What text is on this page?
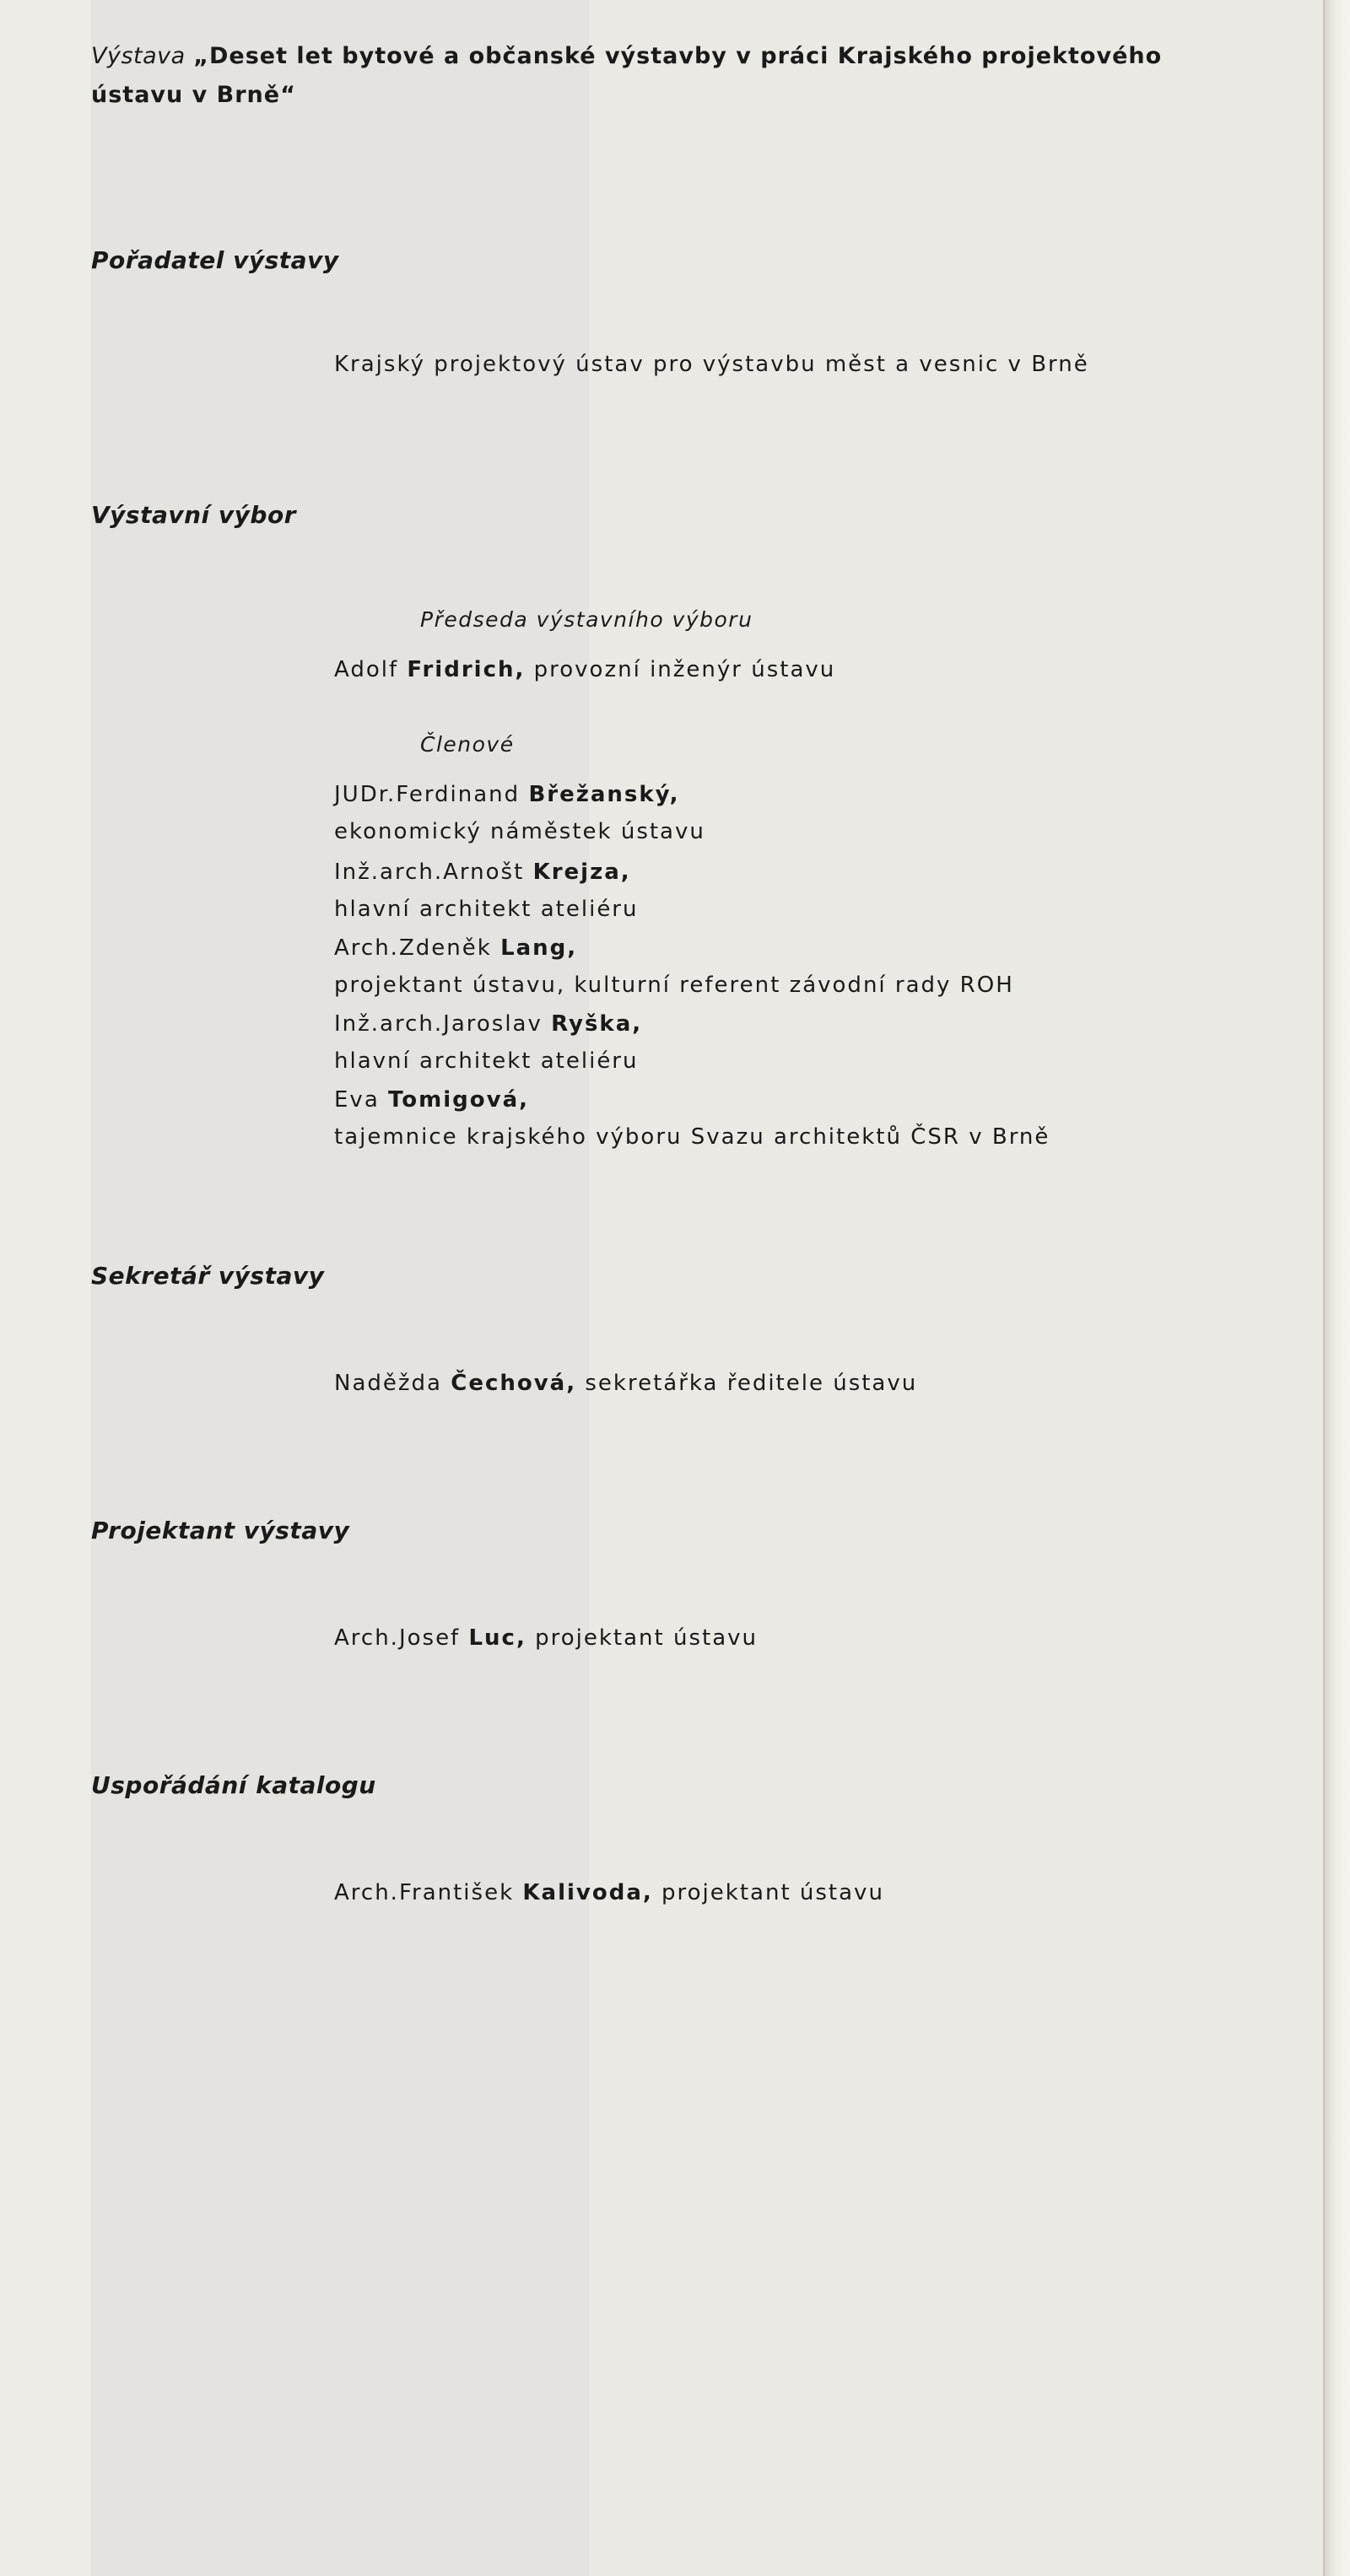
Výstava „Deset let bytové a občanské výstavby v práci Krajského projektového
ústavu v Brně“
Pořadatel výstavy
Krajský projektový ústav pro výstavbu měst a vesnic v Brně
Výstavní výbor
Předseda výstavního výboru
Adolf Fridrich, provozní inženýr ústavu
Členové
JUDr.Ferdinand Břežanský,
ekonomický náměstek ústavu
Inž.arch.Arnošt Krejza,
hlavní architekt ateliéru
Arch.Zdeněk Lang,
projektant ústavu, kulturní referent závodní rady ROH
Inž.arch.Jaroslav Ryška,
hlavní architekt ateliéru
Eva Tomigová,
tajemnice krajského výboru Svazu architektů ČSR v Brně
Sekretář výstavy
Naděžda Čechová, sekretářka ředitele ústavu
Projektant výstavy
Arch.Josef Luc, projektant ústavu
Uspořádání katalogu
Arch.František Kalivoda, projektant ústavu
